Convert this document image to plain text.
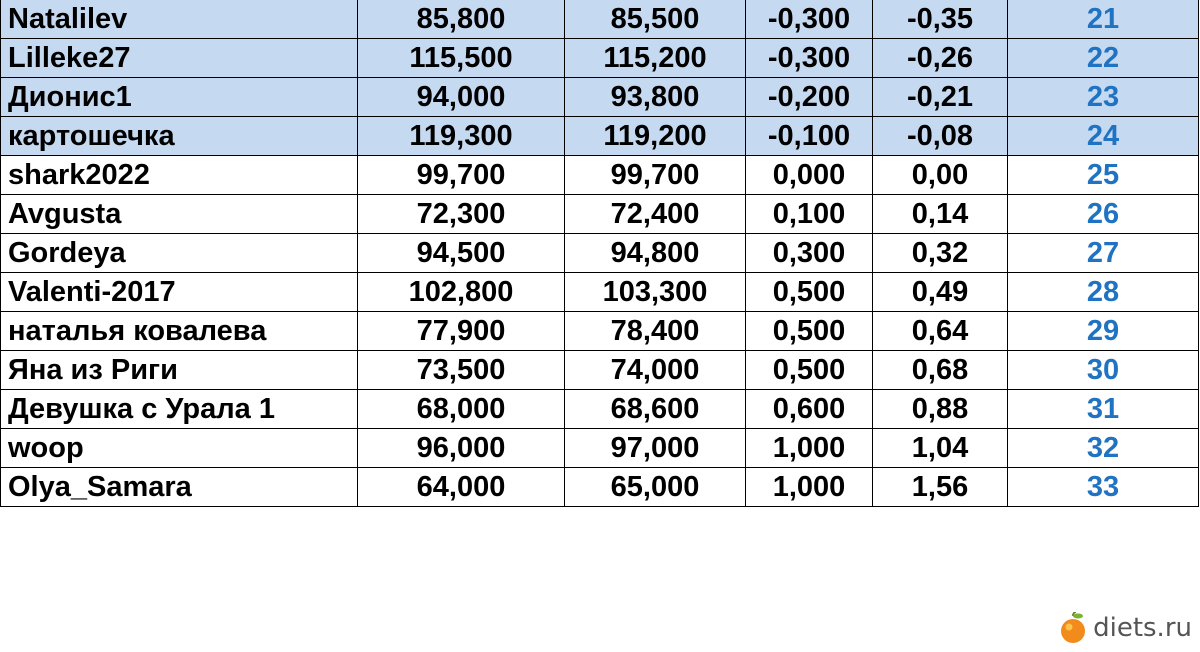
Natalilev	85,800	85,500	-0,300	-0,35	21
Lilleke27	115,500	115,200	-0,300	-0,26	22
Дионис1	94,000	93,800	-0,200	-0,21	23
картошечка	119,300	119,200	-0,100	-0,08	24
shark2022	99,700	99,700	0,000	0,00	25
Avgusta	72,300	72,400	0,100	0,14	26
Gordeya	94,500	94,800	0,300	0,32	27
Valenti-2017	102,800	103,300	0,500	0,49	28
наталья ковалева	77,900	78,400	0,500	0,64	29
Яна из Риги	73,500	74,000	0,500	0,68	30
Девушка с Урала 1	68,000	68,600	0,600	0,88	31
woop	96,000	97,000	1,000	1,04	32
Olya_Samara	64,000	65,000	1,000	1,56	33
diets.ru
